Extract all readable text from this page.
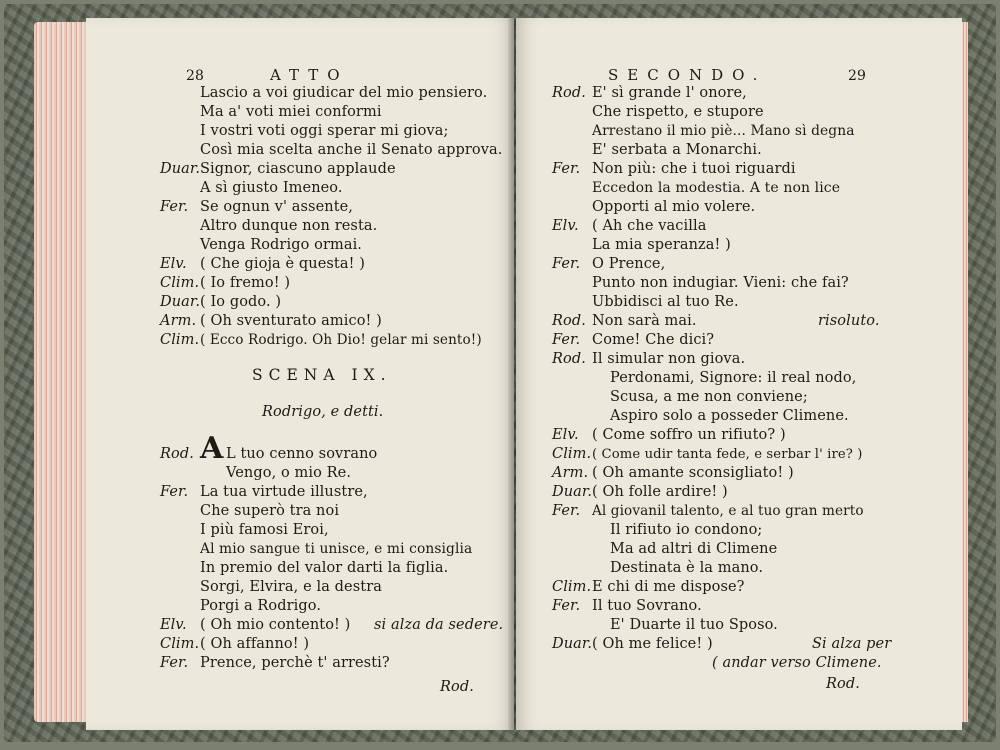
28	ATTO
Lascio a voi giudicar del mio pensiero.
Ma a' voti miei conformi
I vostri voti oggi sperar mi giova;
Così mia scelta anche il Senato approva.
Duar. Signor, ciascuno applaude
A sì giusto Imeneo.
Fer. Se ognun v' assente,
Altro dunque non resta.
Venga Rodrigo ormai.
Elv. ( Che gioja è questa! )
Clim. ( Io fremo! )
Duar. ( Io godo. )
Arm. ( Oh sventurato amico! )
Clim. ( Ecco Rodrigo. Oh Dio! gelar mi sento!)
SCENA IX.
Rodrigo, e detti.
Rod. A L tuo cenno sovrano
Vengo, o mio Re.
Fer. La tua virtude illustre,
Che superò tra noi
I più famosi Eroi,
Al mio sangue ti unisce, e mi consiglia
In premio del valor darti la figlia.
Sorgi, Elvira, e la destra
Porgi a Rodrigo.
Elv. ( Oh mio contento! ) si alza da sedere.
Clim. ( Oh affanno! )
Fer. Prence, perchè t' arresti?
Rod.
SECONDO.	29
Rod. E' sì grande l' onore,
Che rispetto, e stupore
Arrestano il mio piè... Mano sì degna
E' serbata a Monarchi.
Fer. Non più: che i tuoi riguardi
Eccedon la modestia. A te non lice
Opporti al mio volere.
Elv. ( Ah che vacilla
La mia speranza! )
Fer. O Prence,
Punto non indugiar. Vieni: che fai?
Ubbidisci al tuo Re.
Rod. Non sarà mai.	risoluto.
Fer. Come! Che dici?
Rod. Il simular non giova.
Perdonami, Signore: il real nodo,
Scusa, a me non conviene;
Aspiro solo a posseder Climene.
Elv. ( Come soffro un rifiuto? )
Clim. ( Come udir tanta fede, e serbar l' ire? )
Arm. ( Oh amante sconsigliato! )
Duar. ( Oh folle ardire! )
Fer. Al giovanil talento, e al tuo gran merto
Il rifiuto io condono;
Ma ad altri di Climene
Destinata è la mano.
Clim. E chi di me dispose?
Fer. Il tuo Sovrano.
E' Duarte il tuo Sposo.
Duar. ( Oh me felice! )	Si alza per
( andar verso Climene.
Rod.
